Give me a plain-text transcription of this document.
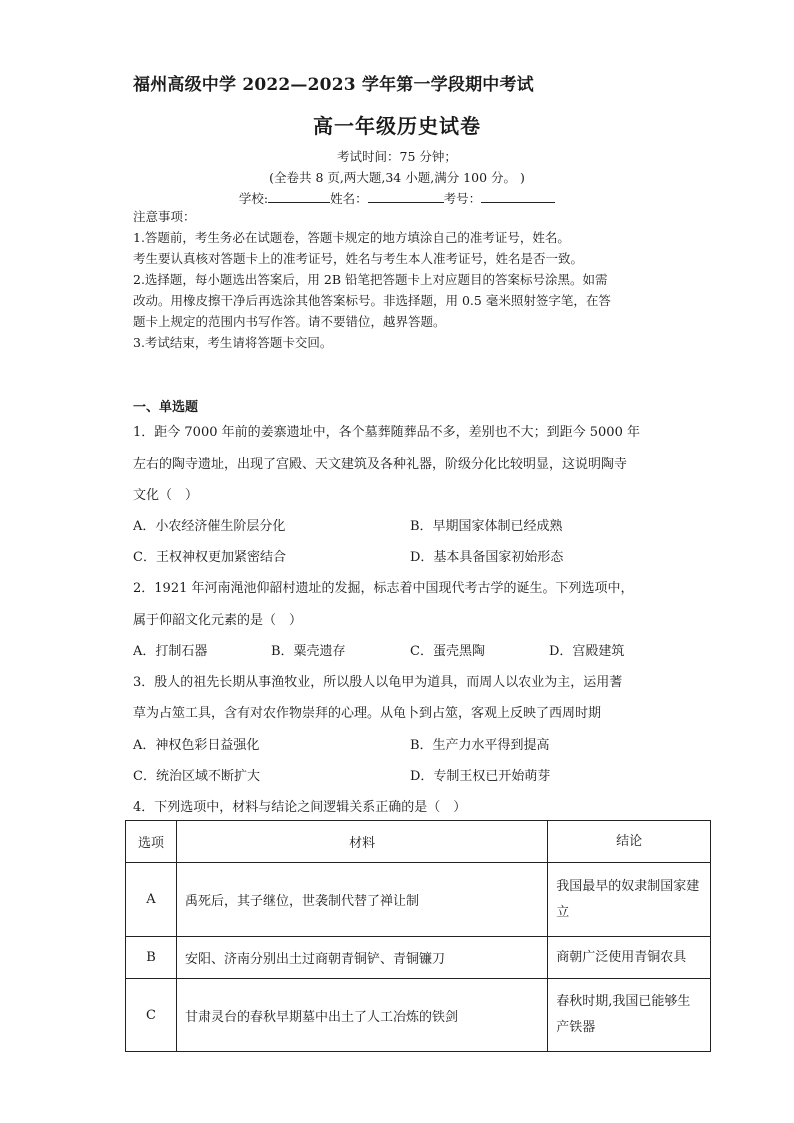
福州高级中学 2022—2023 学年第一学段期中考试
高一年级历史试卷
考试时间：75 分钟；
(全卷共 8 页,两大题,34 小题,满分 100 分。 )
学校:	姓名：	考号：
注意事项：
1.答题前，考生务必在试题卷，答题卡规定的地方填涂自己的准考证号，姓名。
考生要认真核对答题卡上的准考证号，姓名与考生本人准考证号，姓名是否一致。
2.选择题，每小题选出答案后，用 2B 铅笔把答题卡上对应题目的答案标号涂黑。如需
改动。用橡皮擦干净后再选涂其他答案标号。非选择题，用 0.5 毫米照射签字笔，在答
题卡上规定的范围内书写作答。请不要错位，越界答题。
3.考试结束，考生请将答题卡交回。
一、单选题
1．距今 7000 年前的姜寨遗址中，各个墓葬随葬品不多，差别也不大；到距今 5000 年
左右的陶寺遗址，出现了宫殿、天文建筑及各种礼器，阶级分化比较明显，这说明陶寺
文化（　）
A．小农经济催生阶层分化	B．早期国家体制已经成熟
C．王权神权更加紧密结合	D．基本具备国家初始形态
2．1921 年河南渑池仰韶村遗址的发掘，标志着中国现代考古学的诞生。下列选项中，
属于仰韶文化元素的是（　）
A．打制石器	B．粟壳遗存	C．蛋壳黑陶	D．宫殿建筑
3．殷人的祖先长期从事渔牧业，所以殷人以龟甲为道具，而周人以农业为主，运用蓍
草为占筮工具，含有对农作物崇拜的心理。从龟卜到占筮，客观上反映了西周时期
A．神权色彩日益强化	B．生产力水平得到提高
C．统治区域不断扩大	D．专制王权已开始萌芽
4．下列选项中，材料与结论之间逻辑关系正确的是（　）
选项	材料	结论
A	禹死后，其子继位，世袭制代替了禅让制	我国最早的奴隶制国家建立
B	安阳、济南分别出土过商朝青铜铲、青铜镰刀	商朝广泛使用青铜农具
C	甘肃灵台的春秋早期墓中出土了人工冶炼的铁剑	春秋时期,我国已能够生产铁器
